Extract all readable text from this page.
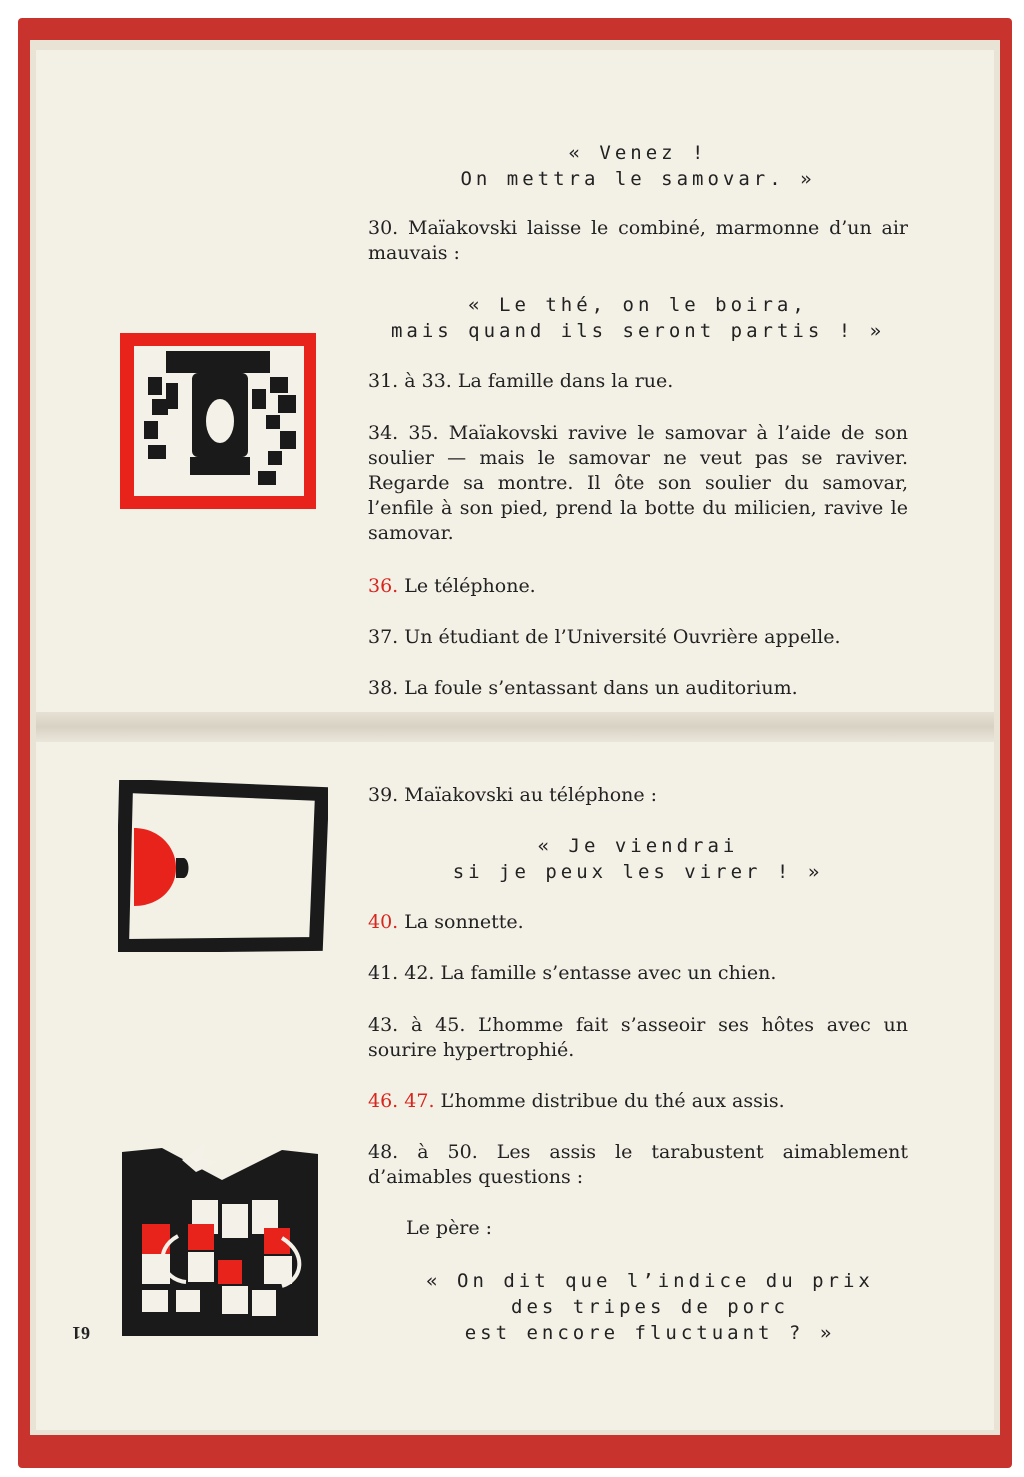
« Venez !
On mettra le samovar. »
30. Maïakovski laisse le combiné, marmonne d’un air mauvais :
« Le thé, on le boira,
mais quand ils seront partis ! »
31. à 33. La famille dans la rue.
34. 35. Maïakovski ravive le samovar à l’aide de son soulier — mais le samovar ne veut pas se raviver. Regarde sa montre. Il ôte son soulier du samovar, l’enfile à son pied, prend la botte du milicien, ravive le samovar.
36. Le téléphone.
37. Un étudiant de l’Université Ouvrière appelle.
38. La foule s’entassant dans un auditorium.
39. Maïakovski au téléphone :
« Je viendrai
si je peux les virer ! »
40. La sonnette.
41. 42. La famille s’entasse avec un chien.
43. à 45. L’homme fait s’asseoir ses hôtes avec un sourire hypertrophié.
46. 47. L’homme distribue du thé aux assis.
48. à 50. Les assis le tarabustent aimablement d’aimables questions :
Le père :
« On dit que l’indice du prix
des tripes de porc
est encore fluctuant ? »
61
